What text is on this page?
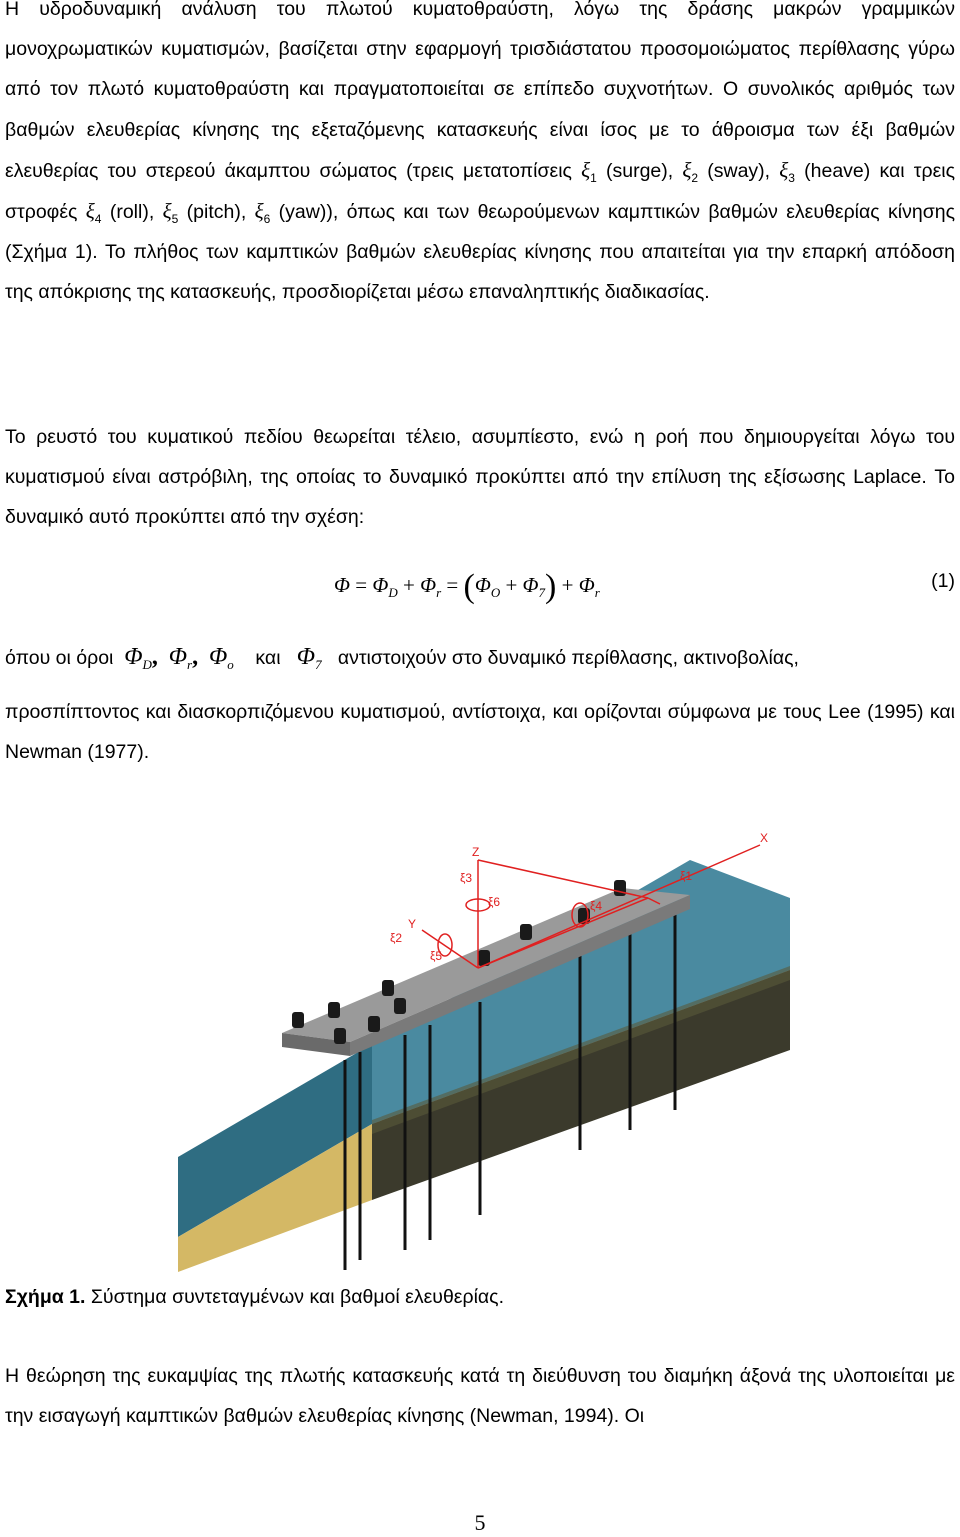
Η υδροδυναμική ανάλυση του πλωτού κυματοθραύστη, λόγω της δράσης μακρών γραμμικών μονοχρωματικών κυματισμών, βασίζεται στην εφαρμογή τρισδιάστατου προσομοιώματος περίθλασης γύρω από τον πλωτό κυματοθραύστη και πραγματοποιείται σε επίπεδο συχνοτήτων. Ο συνολικός αριθμός των βαθμών ελευθερίας κίνησης της εξεταζόμενης κατασκευής είναι ίσος με το άθροισμα των έξι βαθμών ελευθερίας του στερεού άκαμπτου σώματος (τρεις μετατοπίσεις $\xi_1$ (surge), $\xi_2$ (sway), $\xi_3$ (heave) και τρεις στροφές $\xi_4$ (roll), $\xi_5$ (pitch), $\xi_6$ (yaw)), όπως και των θεωρούμενων καμπτικών βαθμών ελευθερίας κίνησης (Σχήμα 1). Το πλήθος των καμπτικών βαθμών ελευθερίας κίνησης που απαιτείται για την επαρκή απόδοση της απόκρισης της κατασκευής, προσδιορίζεται μέσω επαναληπτικής διαδικασίας.

Το ρευστό του κυματικού πεδίου θεωρείται τέλειο, ασυμπίεστο, ενώ η ροή που δημιουργείται λόγω του κυματισμού είναι αστρόβιλη, της οποίας το δυναμικό προκύπτει από την επίλυση της εξίσωσης Laplace. Το δυναμικό αυτό προκύπτει από την σχέση:

$\Phi = \Phi_D + \Phi_r = (\Phi_O + \Phi_7) + \Phi_r$
(1)
όπου οι όροι  $\Phi_D$, $\Phi_r$, $\Phi_o$    και   $\Phi_7$   αντιστοιχούν στο δυναμικό περίθλασης, ακτινοβολίας,

προσπίπτοντος και διασκορπιζόμενου κυματισμού, αντίστοιχα, και ορίζονται σύμφωνα με τους Lee (1995) και Newman (1977).

Z
X
Y
ξ3
ξ6
ξ2
ξ5
ξ4
ξ1
Σχήμα 1. Σύστημα συντεταγμένων και βαθμοί ελευθερίας.

Η θεώρηση της ευκαμψίας της πλωτής κατασκευής κατά τη διεύθυνση του διαμήκη άξονά της υλοποιείται με την εισαγωγή καμπτικών βαθμών ελευθερίας κίνησης (Newman, 1994). Οι

5
